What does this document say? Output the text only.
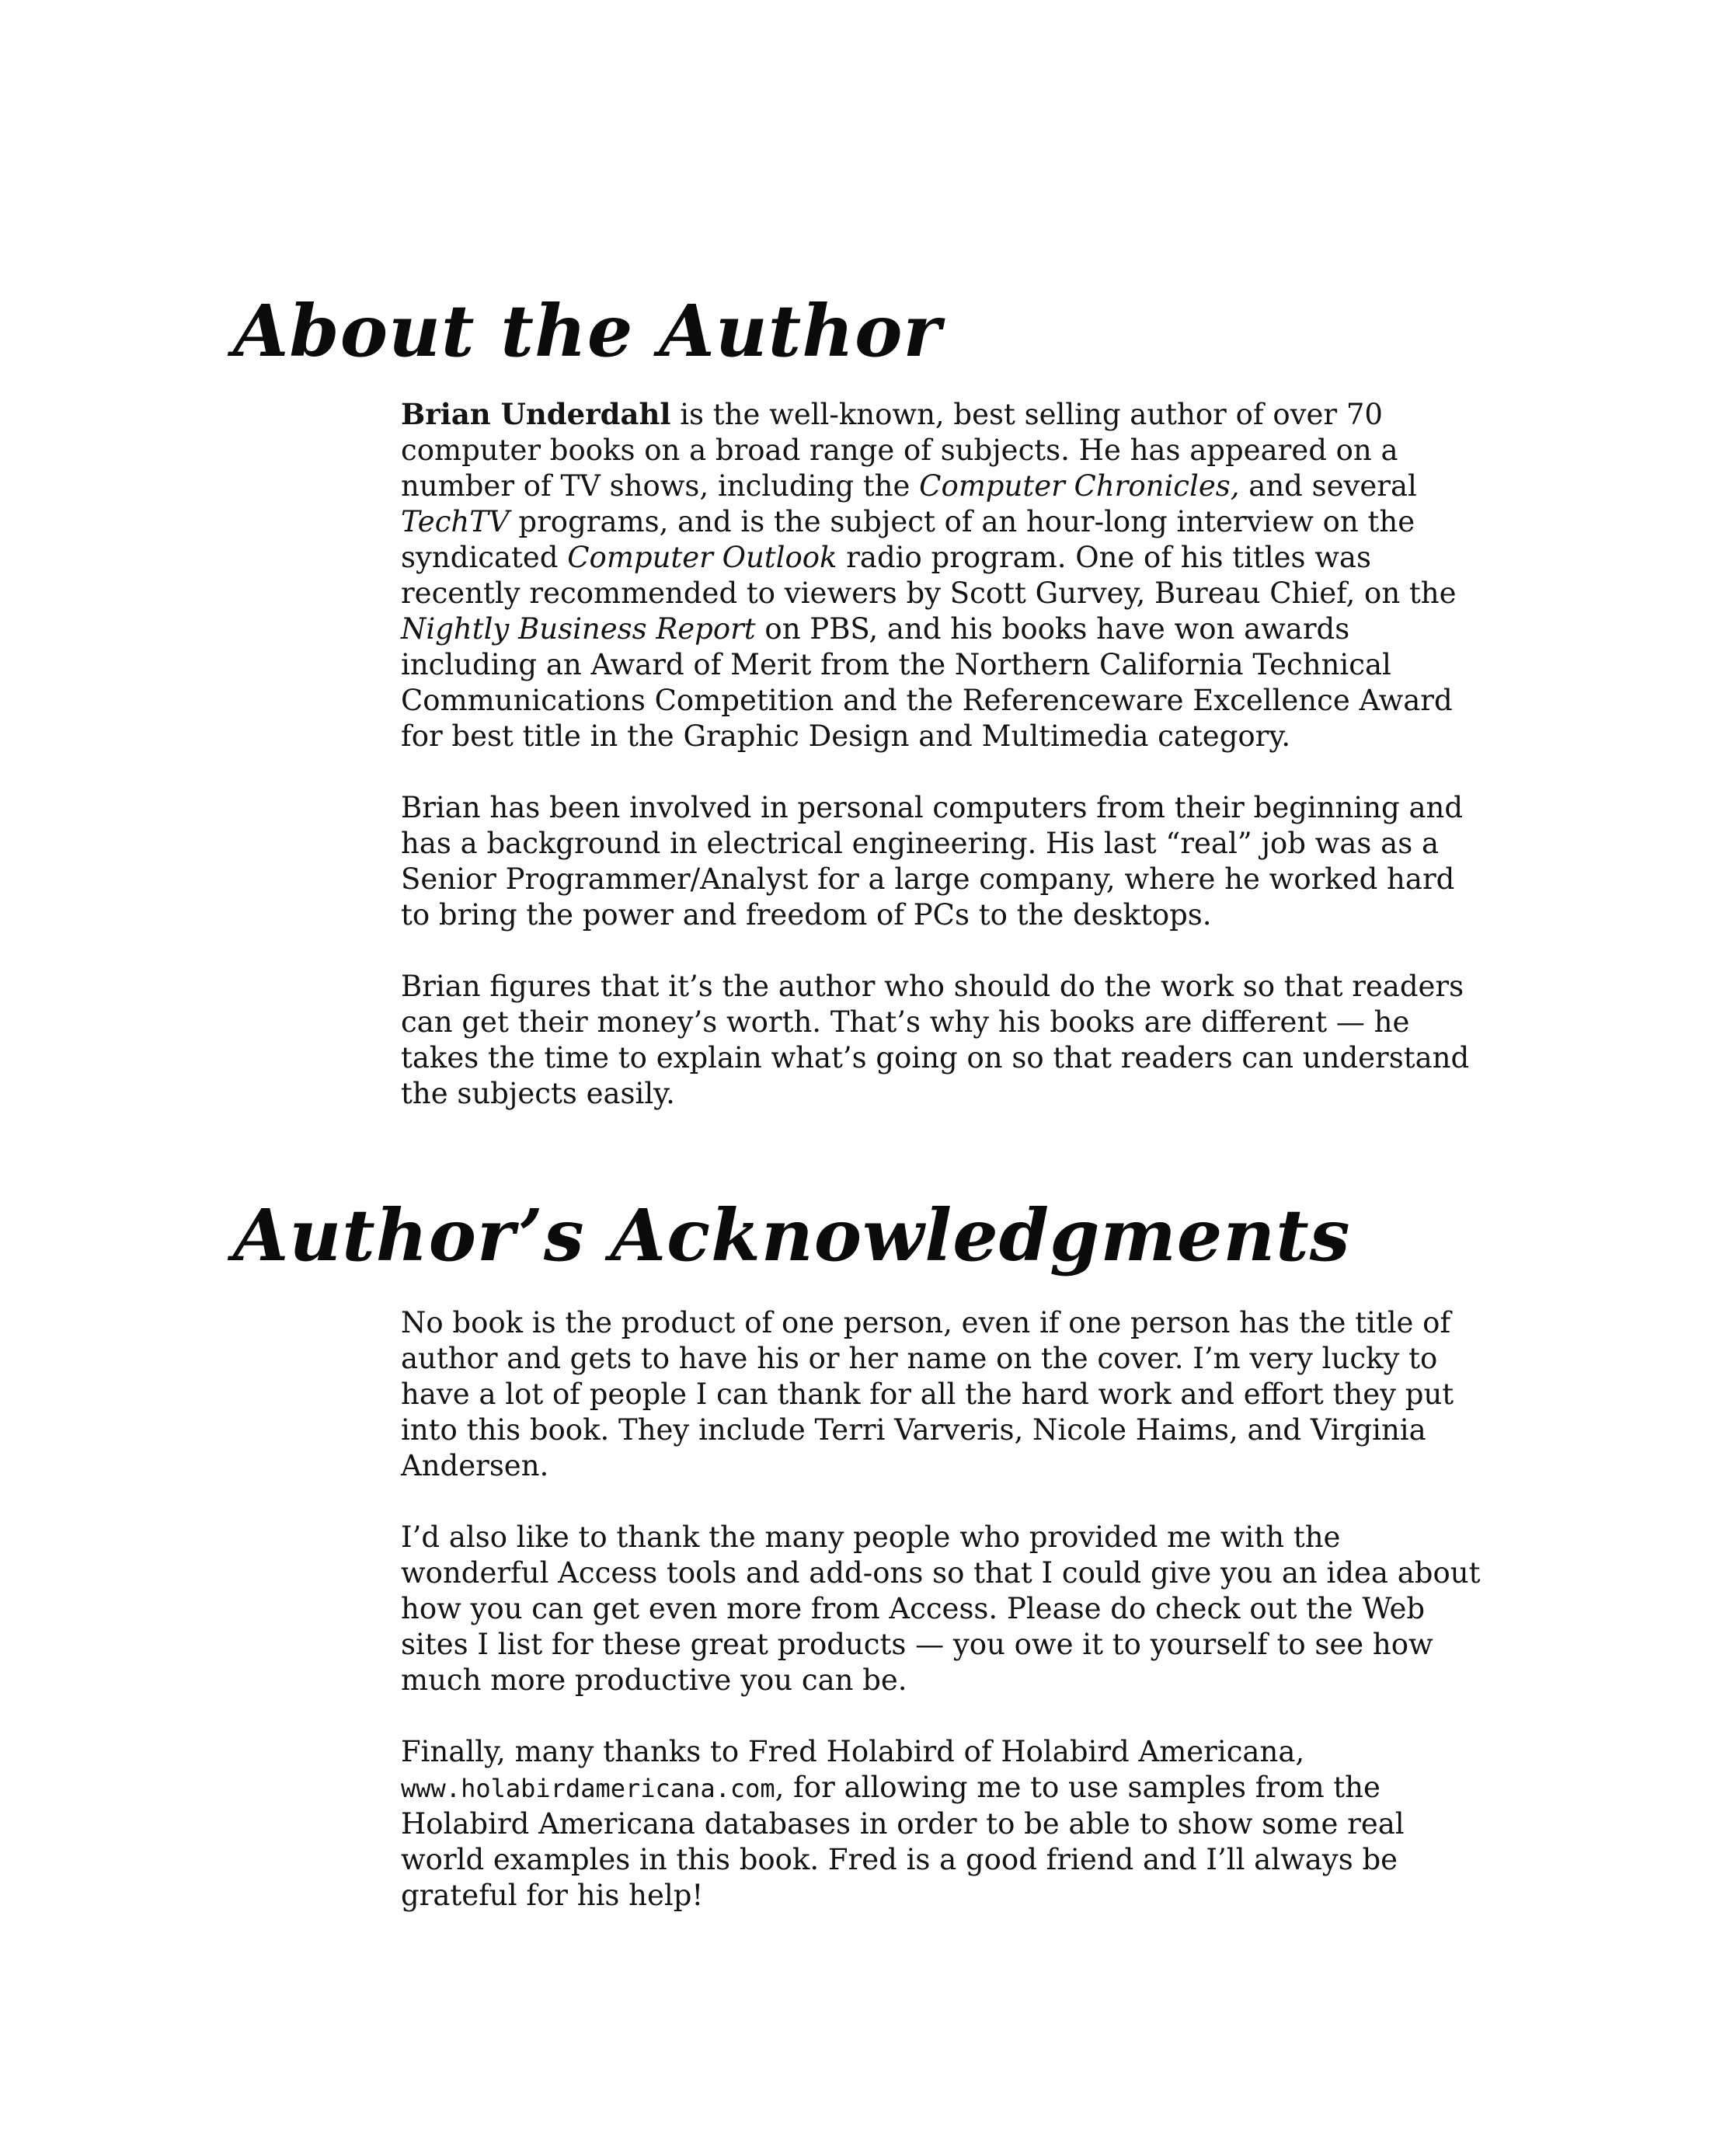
About the Author

Brian Underdahl is the well-known, best selling author of over 70 computer books on a broad range of subjects. He has appeared on a number of TV shows, including the Computer Chronicles, and several TechTV programs, and is the subject of an hour-long interview on the syndicated Computer Outlook radio program. One of his titles was recently recommended to viewers by Scott Gurvey, Bureau Chief, on the Nightly Business Report on PBS, and his books have won awards including an Award of Merit from the Northern California Technical Communications Competition and the Referenceware Excellence Award for best title in the Graphic Design and Multimedia category.

Brian has been involved in personal computers from their beginning and has a background in electrical engineering. His last “real” job was as a Senior Programmer/Analyst for a large company, where he worked hard to bring the power and freedom of PCs to the desktops.

Brian figures that it’s the author who should do the work so that readers can get their money’s worth. That’s why his books are different — he takes the time to explain what’s going on so that readers can understand the subjects easily.

Author’s Acknowledgments

No book is the product of one person, even if one person has the title of author and gets to have his or her name on the cover. I’m very lucky to have a lot of people I can thank for all the hard work and effort they put into this book. They include Terri Varveris, Nicole Haims, and Virginia Andersen.

I’d also like to thank the many people who provided me with the wonderful Access tools and add-ons so that I could give you an idea about how you can get even more from Access. Please do check out the Web sites I list for these great products — you owe it to yourself to see how much more productive you can be.

Finally, many thanks to Fred Holabird of Holabird Americana, www.holabirdamericana.com, for allowing me to use samples from the Holabird Americana databases in order to be able to show some real world examples in this book. Fred is a good friend and I’ll always be grateful for his help!
